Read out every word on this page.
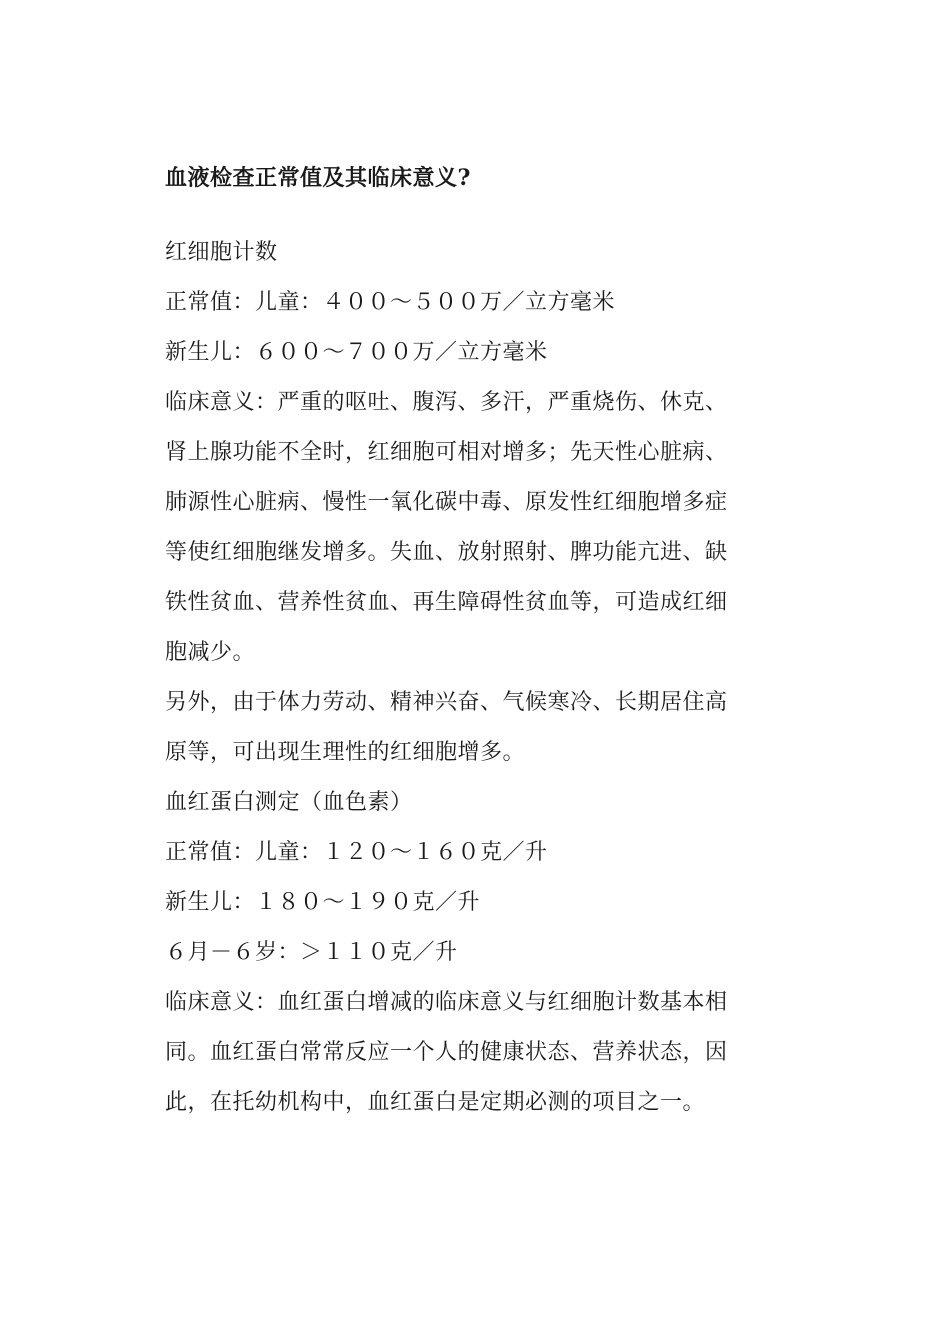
血液检查正常值及其临床意义?
红细胞计数
正常值：儿童：４００～５００万／立方毫米
新生儿：６００～７００万／立方毫米
临床意义：严重的呕吐、腹泻、多汗，严重烧伤、休克、
肾上腺功能不全时，红细胞可相对增多；先天性心脏病、
肺源性心脏病、慢性一氧化碳中毒、原发性红细胞增多症
等使红细胞继发增多。失血、放射照射、脾功能亢进、缺
铁性贫血、营养性贫血、再生障碍性贫血等，可造成红细
胞减少。
另外，由于体力劳动、精神兴奋、气候寒冷、长期居住高
原等，可出现生理性的红细胞增多。
血红蛋白测定（血色素）
正常值：儿童：１２０～１６０克／升
新生儿：１８０～１９０克／升
６月－６岁：＞１１０克／升
临床意义：血红蛋白增减的临床意义与红细胞计数基本相
同。血红蛋白常常反应一个人的健康状态、营养状态，因
此，在托幼机构中，血红蛋白是定期必测的项目之一。
